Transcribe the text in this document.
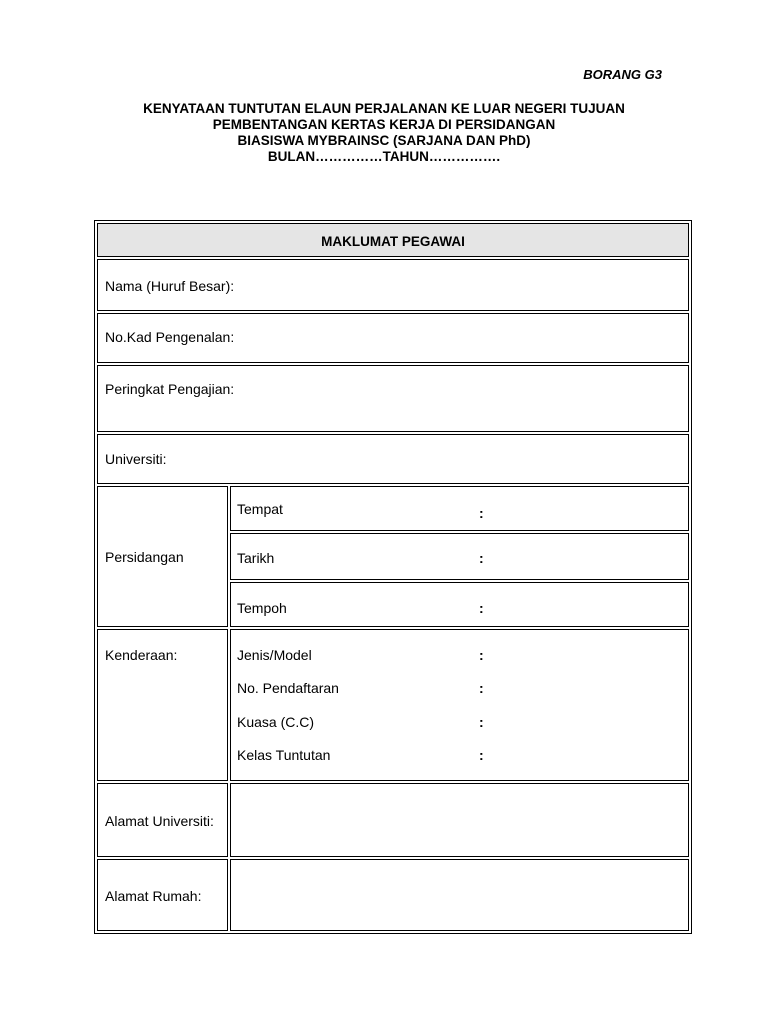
BORANG G3
KENYATAAN TUNTUTAN ELAUN PERJALANAN KE LUAR NEGERI TUJUAN
PEMBENTANGAN KERTAS KERJA DI PERSIDANGAN
BIASISWA MYBRAINSC (SARJANA DAN PhD)
BULAN……………TAHUN…………….
MAKLUMAT PEGAWAI
Nama (Huruf Besar):
No.Kad Pengenalan:
Peringkat Pengajian:
Universiti:
Persidangan
Tempat	:
Tarikh	:
Tempoh	:
Kenderaan:	Jenis/Model	:
No. Pendaftaran	:
Kuasa (C.C)	:
Kelas Tuntutan	:
Alamat Universiti:
Alamat Rumah:
